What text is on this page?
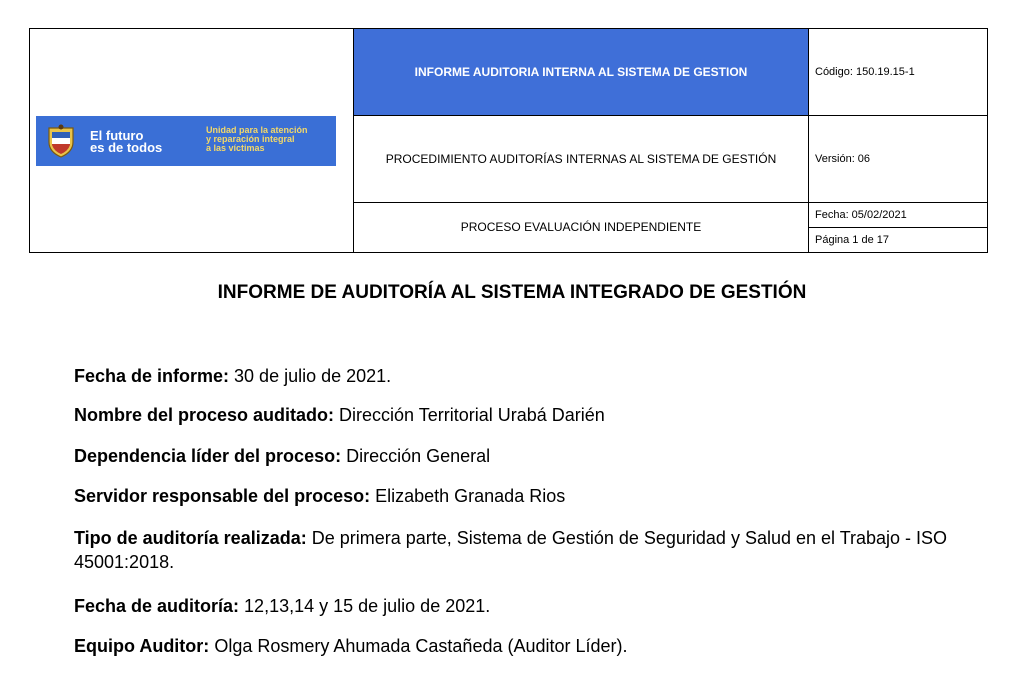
El futuro
es de todos
Unidad para la atención
y reparación integral
a las víctimas	INFORME AUDITORIA INTERNA AL SISTEMA DE GESTION	Código: 150.19.15-1
	PROCEDIMIENTO AUDITORÍAS INTERNAS AL SISTEMA DE GESTIÓN	Versión: 06
	PROCESO EVALUACIÓN INDEPENDIENTE	Fecha: 05/02/2021
		Página 1 de 17
INFORME DE AUDITORÍA AL SISTEMA INTEGRADO DE GESTIÓN
Fecha de informe: 30 de julio de 2021.
Nombre del proceso auditado: Dirección Territorial Urabá Darién
Dependencia líder del proceso: Dirección General
Servidor responsable del proceso: Elizabeth Granada Rios
Tipo de auditoría realizada: De primera parte, Sistema de Gestión de Seguridad y Salud en el Trabajo - ISO 45001:2018.
Fecha de auditoría: 12,13,14 y 15 de julio de 2021.
Equipo Auditor: Olga Rosmery Ahumada Castañeda (Auditor Líder).
